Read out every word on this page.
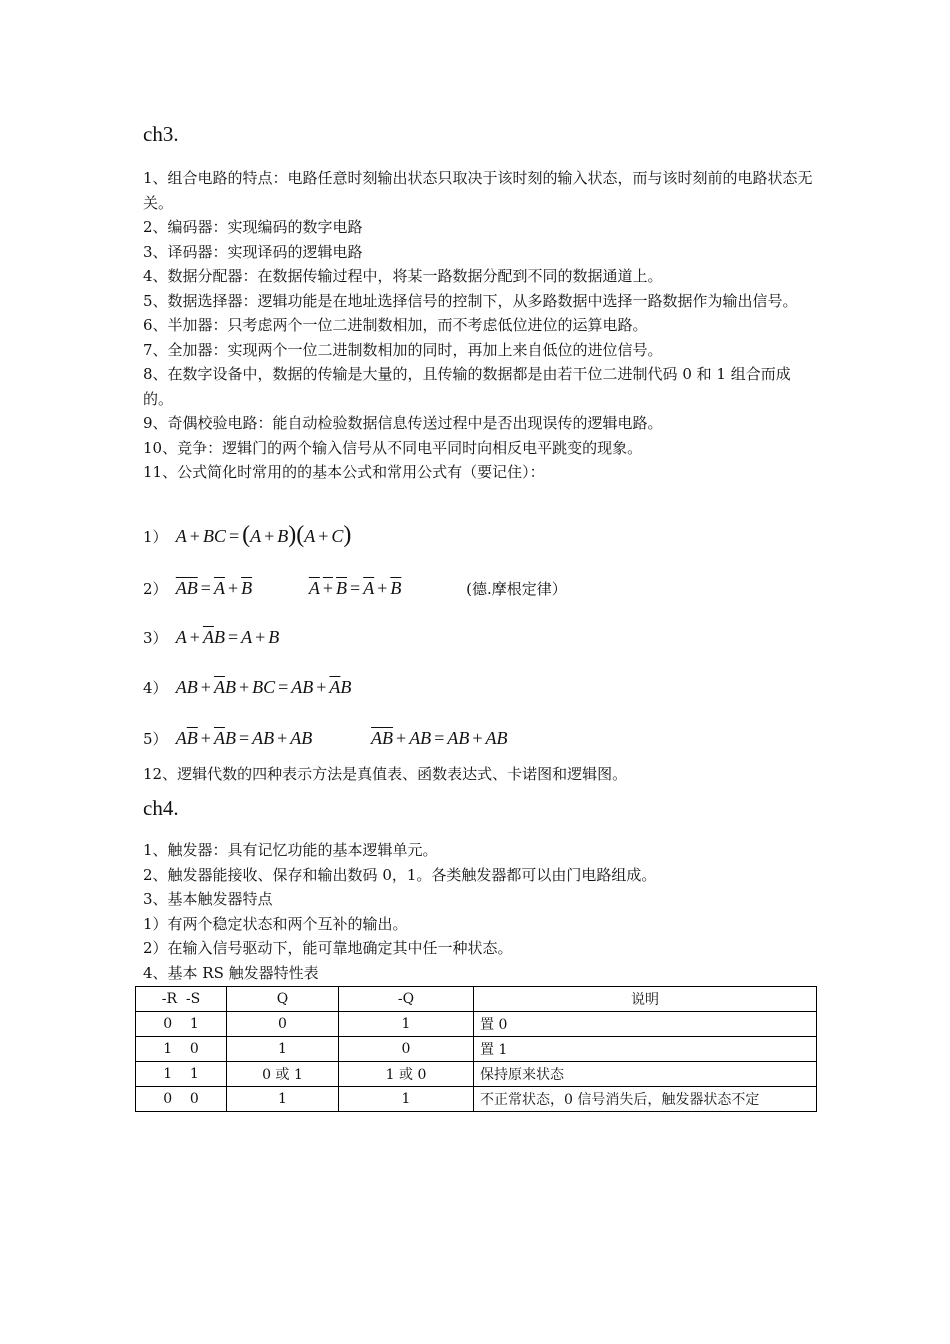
ch3.

1、组合电路的特点：电路任意时刻输出状态只取决于该时刻的输入状态，而与该时刻前的电路状态无关。

2、编码器：实现编码的数字电路

3、译码器：实现译码的逻辑电路

4、数据分配器：在数据传输过程中，将某一路数据分配到不同的数据通道上。

5、数据选择器：逻辑功能是在地址选择信号的控制下，从多路数据中选择一路数据作为输出信号。

6、半加器：只考虑两个一位二进制数相加，而不考虑低位进位的运算电路。

7、全加器：实现两个一位二进制数相加的同时，再加上来自低位的进位信号。

8、在数字设备中，数据的传输是大量的，且传输的数据都是由若干位二进制代码 0 和 1 组合而成的。

9、奇偶校验电路：能自动检验数据信息传送过程中是否出现误传的逻辑电路。

10、竞争：逻辑门的两个输入信号从不同电平同时向相反电平跳变的现象。

11、公式简化时常用的的基本公式和常用公式有（要记住）：

1） A + BC = (A + B)(A + C)
2） $\overline{AB} = \overline{A} + \overline{B}$	$A + B = \overline{A} + \overline{B}$	(德.摩根定律）
3） $A + \overline{A}B = A + B$
4） AB + $\overline{A}B$ + BC = AB + $\overline{A}B$
5） $A\overline{B} + \overline{A}B$ = AB + AB	$\overline{A}\overline{B}$ + AB = AB + AB
12、逻辑代数的四种表示方法是真值表、函数表达式、卡诺图和逻辑图。
ch4.

1、触发器：具有记忆功能的基本逻辑单元。

2、触发器能接收、保存和输出数码 0，1。各类触发器都可以由门电路组成。

3、基本触发器特点

1）有两个稳定状态和两个互补的输出。

2）在输入信号驱动下，能可靠地确定其中任一种状态。

4、基本 RS 触发器特性表

-R  -S	Q	-Q	说明
0    1	0	1	置 0
1    0	1	0	置 1
1    1	0 或 1	1 或 0	保持原来状态
0    0	1	1	不正常状态，0 信号消失后，触发器状态不定
